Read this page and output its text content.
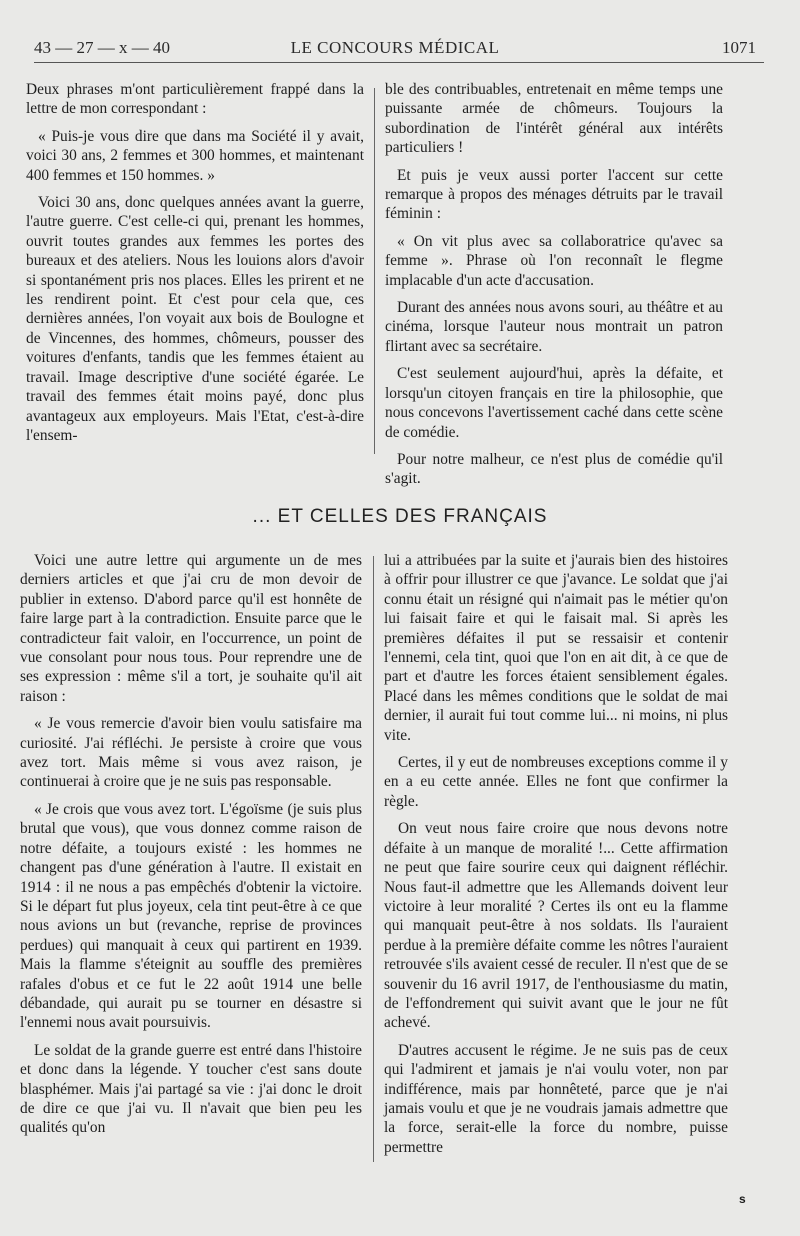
43 — 27 — x — 40	LE CONCOURS MÉDICAL	1071

Deux phrases m'ont particulièrement frappé dans la lettre de mon correspondant :

« Puis-je vous dire que dans ma Société il y avait, voici 30 ans, 2 femmes et 300 hommes, et maintenant 400 femmes et 150 hommes. »

Voici 30 ans, donc quelques années avant la guerre, l'autre guerre. C'est celle-ci qui, prenant les hommes, ouvrit toutes grandes aux femmes les portes des bureaux et des ateliers. Nous les louions alors d'avoir si spontanément pris nos places. Elles les prirent et ne les rendirent point. Et c'est pour cela que, ces dernières années, l'on voyait aux bois de Boulogne et de Vincennes, des hommes, chômeurs, pousser des voitures d'enfants, tandis que les femmes étaient au travail. Image descriptive d'une société égarée. Le travail des femmes était moins payé, donc plus avantageux aux employeurs. Mais l'Etat, c'est-à-dire l'ensem-

ble des contribuables, entretenait en même temps une puissante armée de chômeurs. Toujours la subordination de l'intérêt général aux intérêts particuliers !

Et puis je veux aussi porter l'accent sur cette remarque à propos des ménages détruits par le travail féminin :

« On vit plus avec sa collaboratrice qu'avec sa femme ». Phrase où l'on reconnaît le flegme implacable d'un acte d'accusation.

Durant des années nous avons souri, au théâtre et au cinéma, lorsque l'auteur nous montrait un patron flirtant avec sa secrétaire.

C'est seulement aujourd'hui, après la défaite, et lorsqu'un citoyen français en tire la philosophie, que nous concevons l'avertissement caché dans cette scène de comédie.

Pour notre malheur, ce n'est plus de comédie qu'il s'agit.

... ET CELLES DES FRANÇAIS

Voici une autre lettre qui argumente un de mes derniers articles et que j'ai cru de mon devoir de publier in extenso. D'abord parce qu'il est honnête de faire large part à la contradiction. Ensuite parce que le contradicteur fait valoir, en l'occurrence, un point de vue consolant pour nous tous. Pour reprendre une de ses expression : même s'il a tort, je souhaite qu'il ait raison :

« Je vous remercie d'avoir bien voulu satisfaire ma curiosité. J'ai réfléchi. Je persiste à croire que vous avez tort. Mais même si vous avez raison, je continuerai à croire que je ne suis pas responsable.

« Je crois que vous avez tort. L'égoïsme (je suis plus brutal que vous), que vous donnez comme raison de notre défaite, a toujours existé : les hommes ne changent pas d'une génération à l'autre. Il existait en 1914 : il ne nous a pas empêchés d'obtenir la victoire. Si le départ fut plus joyeux, cela tint peut-être à ce que nous avions un but (revanche, reprise de provinces perdues) qui manquait à ceux qui partirent en 1939. Mais la flamme s'éteignit au souffle des premières rafales d'obus et ce fut le 22 août 1914 une belle débandade, qui aurait pu se tourner en désastre si l'ennemi nous avait poursuivis.

Le soldat de la grande guerre est entré dans l'histoire et donc dans la légende. Y toucher c'est sans doute blasphémer. Mais j'ai partagé sa vie : j'ai donc le droit de dire ce que j'ai vu. Il n'avait que bien peu les qualités qu'on

lui a attribuées par la suite et j'aurais bien des histoires à offrir pour illustrer ce que j'avance. Le soldat que j'ai connu était un résigné qui n'aimait pas le métier qu'on lui faisait faire et qui le faisait mal. Si après les premières défaites il put se ressaisir et contenir l'ennemi, cela tint, quoi que l'on en ait dit, à ce que de part et d'autre les forces étaient sensiblement égales. Placé dans les mêmes conditions que le soldat de mai dernier, il aurait fui tout comme lui... ni moins, ni plus vite.

Certes, il y eut de nombreuses exceptions comme il y en a eu cette année. Elles ne font que confirmer la règle.

On veut nous faire croire que nous devons notre défaite à un manque de moralité !... Cette affirmation ne peut que faire sourire ceux qui daignent réfléchir. Nous faut-il admettre que les Allemands doivent leur victoire à leur moralité ? Certes ils ont eu la flamme qui manquait peut-être à nos soldats. Ils l'auraient perdue à la première défaite comme les nôtres l'auraient retrouvée s'ils avaient cessé de reculer. Il n'est que de se souvenir du 16 avril 1917, de l'enthousiasme du matin, de l'effondrement qui suivit avant que le jour ne fût achevé.

D'autres accusent le régime. Je ne suis pas de ceux qui l'admirent et jamais je n'ai voulu voter, non par indifférence, mais par honnêteté, parce que je n'ai jamais voulu et que je ne voudrais jamais admettre que la force, serait-elle la force du nombre, puisse permettre

s
